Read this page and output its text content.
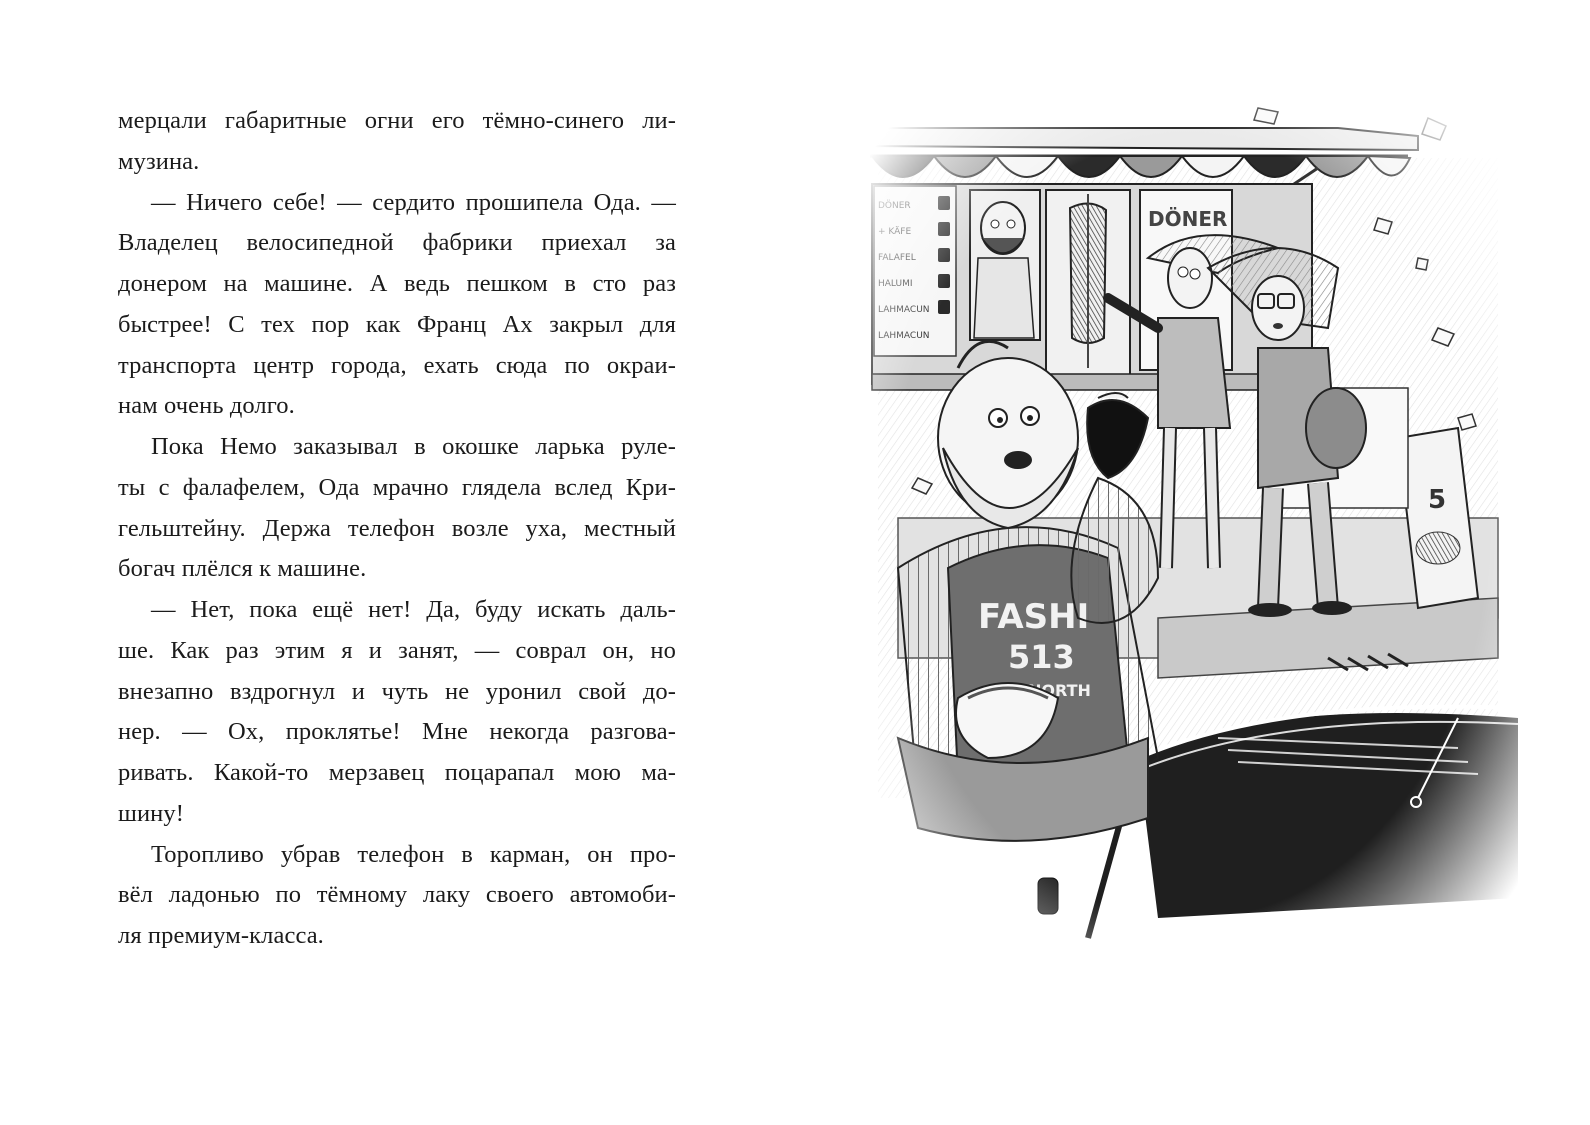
мерцали габаритные огни его тёмно-синего ли-
музина.

— Ничего себе! — сердито прошипела Ода. —
Владелец велосипедной фабрики приехал за
донером на машине. А ведь пешком в сто раз
быстрее! С тех пор как Франц Ах закрыл для
транспорта центр города, ехать сюда по окраи-
нам очень долго.

Пока Немо заказывал в окошке ларька руле-
ты с фалафелем, Ода мрачно глядела вслед Кри-
гельштейну. Держа телефон возле уха, местный
богач плёлся к машине.

— Нет, пока ещё нет! Да, буду искать даль-
ше. Как раз этим я и занят, — соврал он, но
внезапно вздрогнул и чуть не уронил свой до-
нер. — Ох, проклятье! Мне некогда разгова-
ривать. Какой-то мерзавец поцарапал мою ма-
шину!

Торопливо убрав телефон в карман, он про-
вёл ладонью по тёмному лаку своего автомоби-
ля премиум-класса.
